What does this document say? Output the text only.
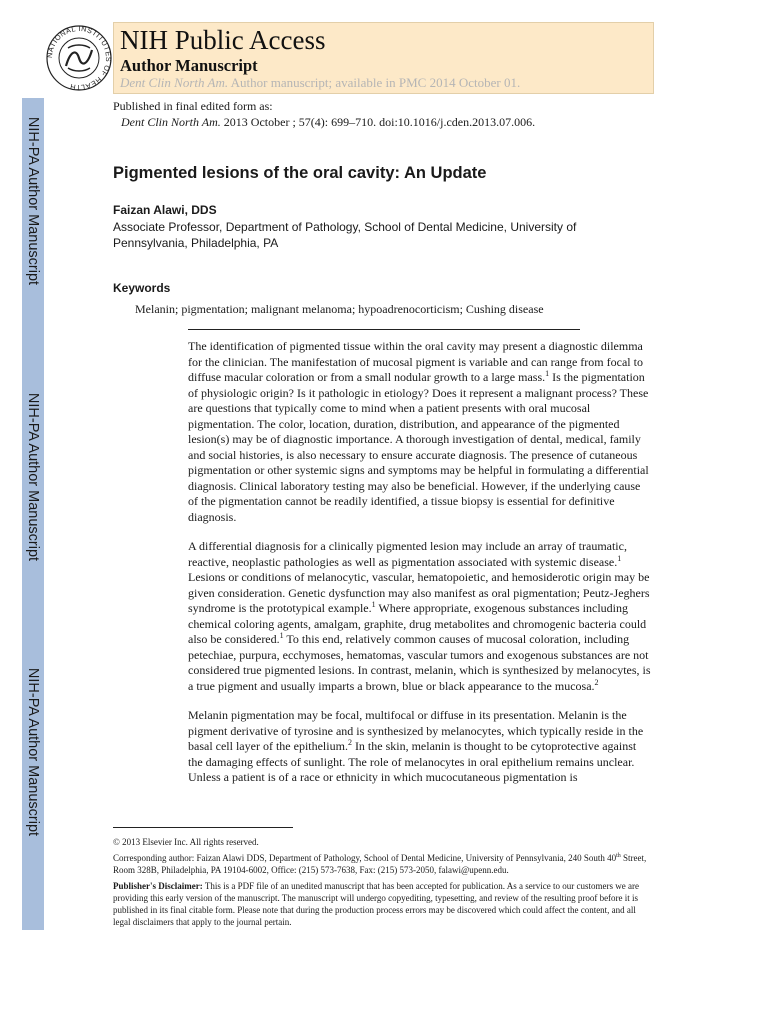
NIH-PA Author Manuscript
NIH-PA Author Manuscript
NIH-PA Author Manuscript
NATIONAL INSTITUTES OF HEALTH
NIH Public Access
Author Manuscript
Dent Clin North Am. Author manuscript; available in PMC 2014 October 01.
Published in final edited form as:
Dent Clin North Am. 2013 October ; 57(4): 699–710. doi:10.1016/j.cden.2013.07.006.
Pigmented lesions of the oral cavity: An Update
Faizan Alawi, DDS
Associate Professor, Department of Pathology, School of Dental Medicine, University of Pennsylvania, Philadelphia, PA
Keywords
Melanin; pigmentation; malignant melanoma; hypoadrenocorticism; Cushing disease

The identification of pigmented tissue within the oral cavity may present a diagnostic dilemma for the clinician. The manifestation of mucosal pigment is variable and can range from focal to diffuse macular coloration or from a small nodular growth to a large mass.$^1$ Is the pigmentation of physiologic origin? Is it pathologic in etiology? Does it represent a malignant process? These are questions that typically come to mind when a patient presents with oral mucosal pigmentation. The color, location, duration, distribution, and appearance of the pigmented lesion(s) may be of diagnostic importance. A thorough investigation of dental, medical, family and social histories, is also necessary to ensure accurate diagnosis. The presence of cutaneous pigmentation or other systemic signs and symptoms may be helpful in formulating a differential diagnosis. Clinical laboratory testing may also be beneficial. However, if the underlying cause of the pigmentation cannot be readily identified, a tissue biopsy is essential for definitive diagnosis.

A differential diagnosis for a clinically pigmented lesion may include an array of traumatic, reactive, neoplastic pathologies as well as pigmentation associated with systemic disease.$^1$ Lesions or conditions of melanocytic, vascular, hematopoietic, and hemosiderotic origin may be given consideration. Genetic dysfunction may also manifest as oral pigmentation; Peutz-Jeghers syndrome is the prototypical example.$^1$ Where appropriate, exogenous substances including chemical coloring agents, amalgam, graphite, drug metabolites and chromogenic bacteria could also be considered.$^1$ To this end, relatively common causes of mucosal coloration, including petechiae, purpura, ecchymoses, hematomas, vascular tumors and exogenous substances are not considered true pigmented lesions. In contrast, melanin, which is synthesized by melanocytes, is a true pigment and usually imparts a brown, blue or black appearance to the mucosa.$^2$

Melanin pigmentation may be focal, multifocal or diffuse in its presentation. Melanin is the pigment derivative of tyrosine and is synthesized by melanocytes, which typically reside in the basal cell layer of the epithelium.$^2$ In the skin, melanin is thought to be cytoprotective against the damaging effects of sunlight. The role of melanocytes in oral epithelium remains unclear. Unless a patient is of a race or ethnicity in which mucocutaneous pigmentation is

© 2013 Elsevier Inc. All rights reserved.

Corresponding author: Faizan Alawi DDS, Department of Pathology, School of Dental Medicine, University of Pennsylvania, 240 South 40th Street, Room 328B, Philadelphia, PA 19104-6002, Office: (215) 573-7638, Fax: (215) 573-2050, falawi@upenn.edu.

Publisher's Disclaimer: This is a PDF file of an unedited manuscript that has been accepted for publication. As a service to our customers we are providing this early version of the manuscript. The manuscript will undergo copyediting, typesetting, and review of the resulting proof before it is published in its final citable form. Please note that during the production process errors may be discovered which could affect the content, and all legal disclaimers that apply to the journal pertain.
